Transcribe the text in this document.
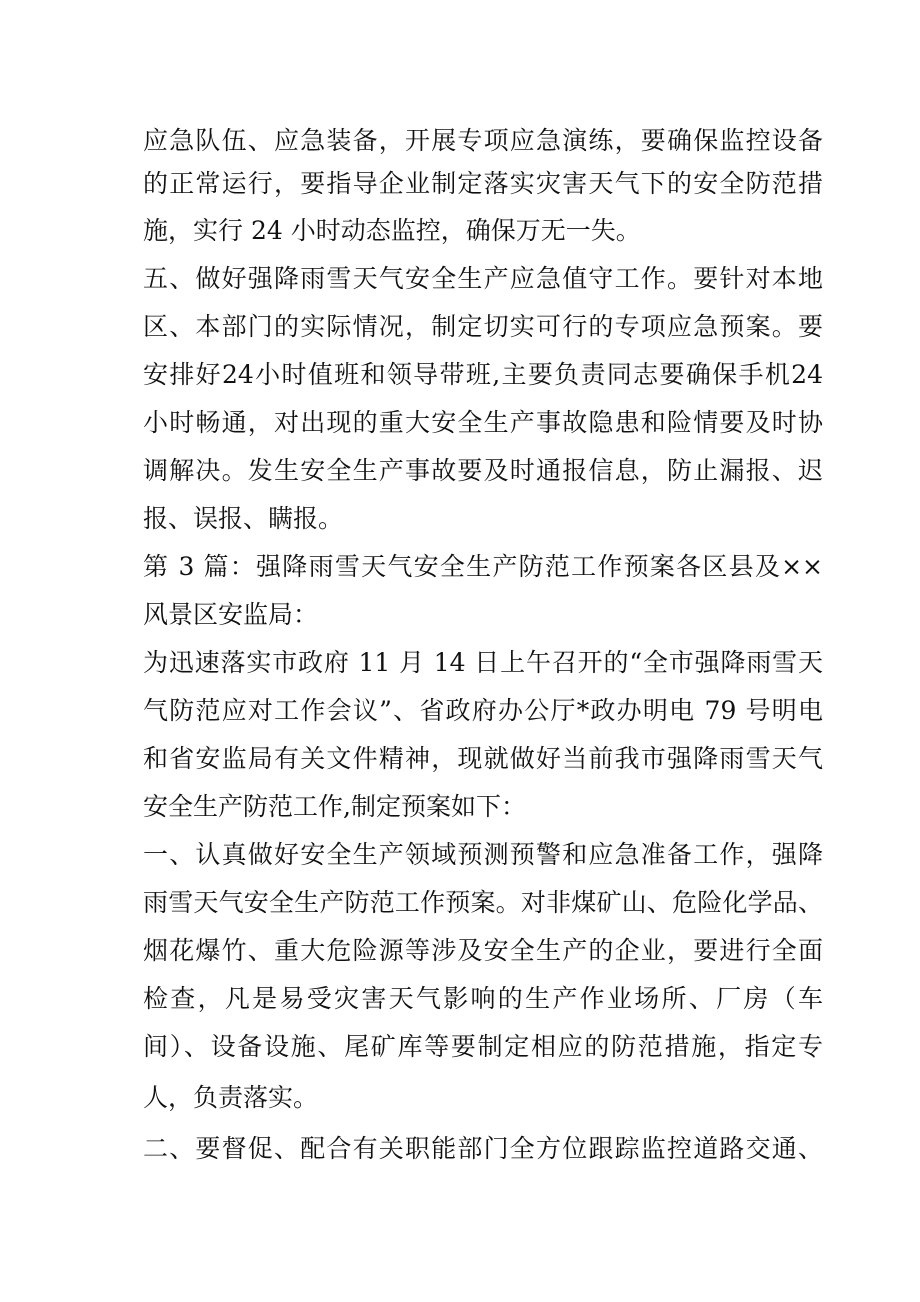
应急队伍、应急装备，开展专项应急演练，要确保监控设备
的正常运行，要指导企业制定落实灾害天气下的安全防范措
施，实行 24 小时动态监控，确保万无一失。
五、做好强降雨雪天气安全生产应急值守工作。要针对本地
区、本部门的实际情况，制定切实可行的专项应急预案。要
安排好24小时值班和领导带班,主要负责同志要确保手机24
小时畅通，对出现的重大安全生产事故隐患和险情要及时协
调解决。发生安全生产事故要及时通报信息，防止漏报、迟
报、误报、瞒报。
第 3 篇：强降雨雪天气安全生产防范工作预案各区县及××
风景区安监局：
为迅速落实市政府 11 月 14 日上午召开的“全市强降雨雪天
气防范应对工作会议”、省政府办公厅*政办明电 79 号明电
和省安监局有关文件精神，现就做好当前我市强降雨雪天气
安全生产防范工作,制定预案如下：
一、认真做好安全生产领域预测预警和应急准备工作，强降
雨雪天气安全生产防范工作预案。对非煤矿山、危险化学品、
烟花爆竹、重大危险源等涉及安全生产的企业，要进行全面
检查，凡是易受灾害天气影响的生产作业场所、厂房（车
间）、设备设施、尾矿库等要制定相应的防范措施，指定专
人，负责落实。
二、要督促、配合有关职能部门全方位跟踪监控道路交通、
